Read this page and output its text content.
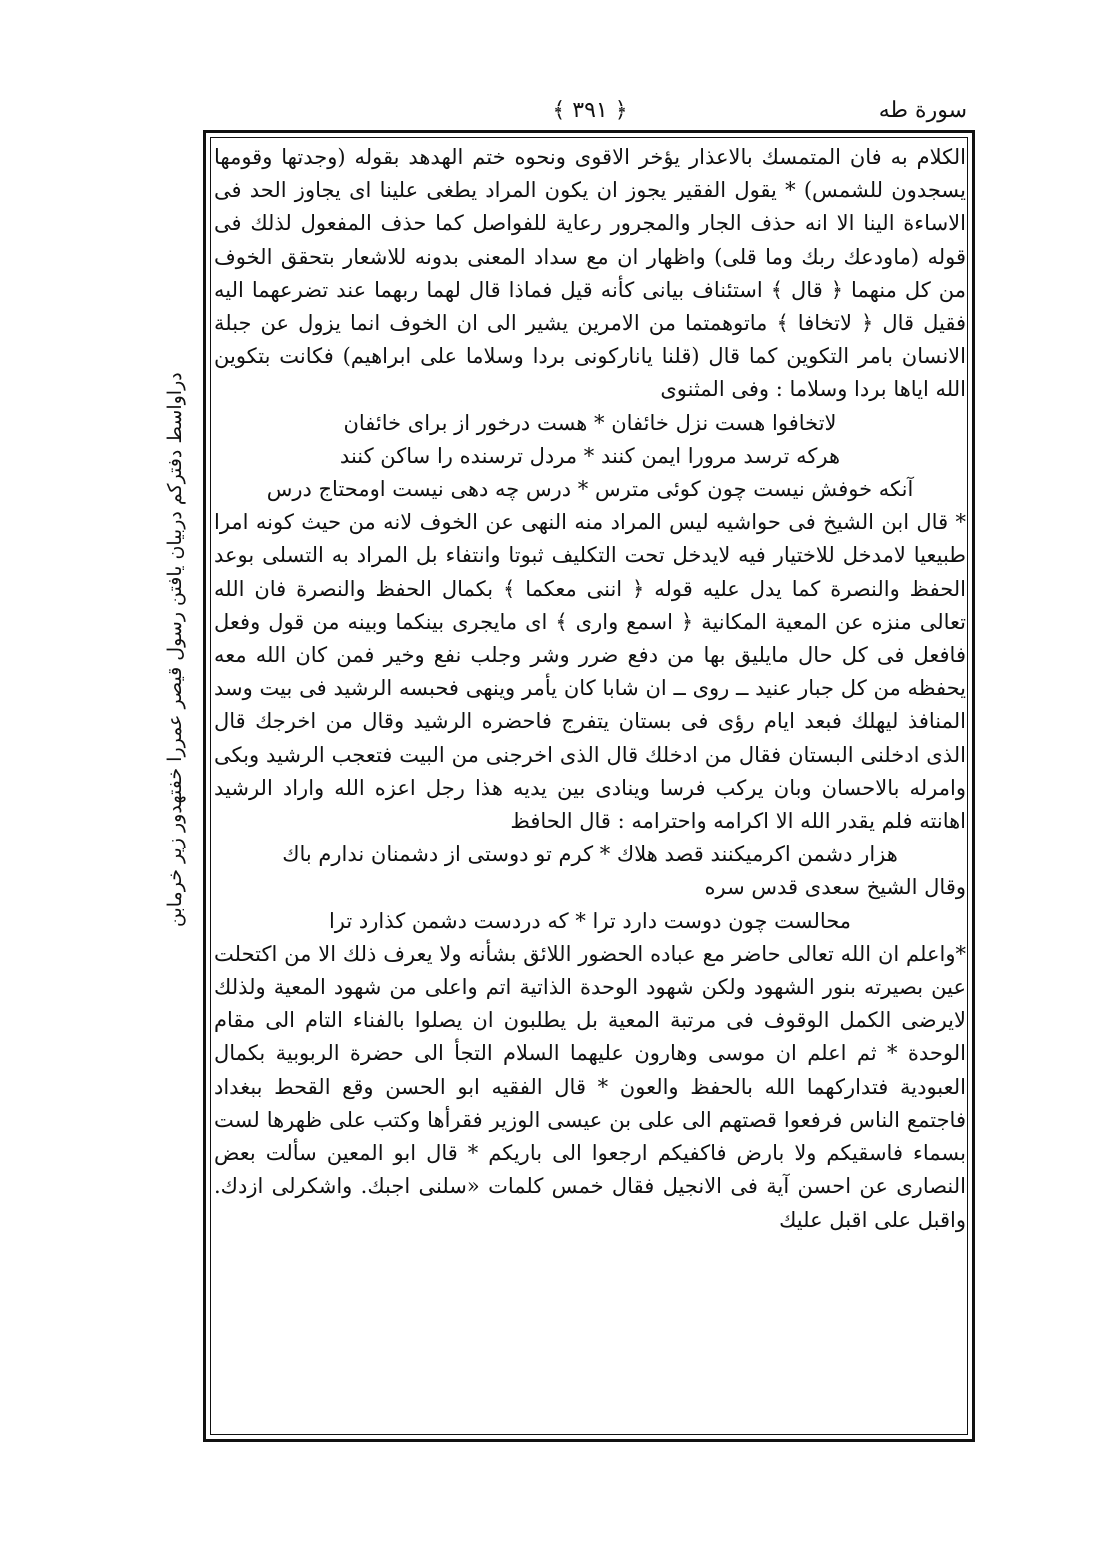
سورة طه
﴾ ٣٩١ ﴿
دراواسط دفترکم دربیان یافتن رسول قیصر عمررا خفتهدور زیر خرمابن

الكلام به فان المتمسك بالاعذار يؤخر الاقوى ونحوه ختم الهدهد بقوله (وجدتها وقومها يسجدون للشمس) * يقول الفقير يجوز ان يكون المراد يطغى علينا اى يجاوز الحد فى الاساءة الينا الا انه حذف الجار والمجرور رعاية للفواصل كما حذف المفعول لذلك فى قوله (ماودعك ربك وما قلى) واظهار ان مع سداد المعنى بدونه للاشعار بتحقق الخوف من كل منهما ﴿ قال ﴾ استئناف بيانى كأنه قيل فماذا قال لهما ربهما عند تضرعهما اليه فقيل قال ﴿ لاتخافا ﴾ ماتوهمتما من الامرين يشير الى ان الخوف انما يزول عن جبلة الانسان بامر التكوين كما قال (قلنا ياناركونى بردا وسلاما على ابراهيم) فكانت بتكوين الله اياها بردا وسلاما : وفى المثنوى

لاتخافوا هست نزل خائفان * هست درخور از براى خائفان

هركه ترسد مرورا ايمن كنند * مردل ترسنده را ساكن كنند

آنكه خوفش نيست چون كوئى مترس * درس چه دهى نيست اومحتاج درس

* قال ابن الشيخ فى حواشيه ليس المراد منه النهى عن الخوف لانه من حيث كونه امرا طبيعيا لامدخل للاختيار فيه لايدخل تحت التكليف ثبوتا وانتفاء بل المراد به التسلى بوعد الحفظ والنصرة كما يدل عليه قوله ﴿ اننى معكما ﴾ بكمال الحفظ والنصرة فان الله تعالى منزه عن المعية المكانية ﴿ اسمع وارى ﴾ اى مايجرى بينكما وبينه من قول وفعل فافعل فى كل حال مايليق بها من دفع ضرر وشر وجلب نفع وخير فمن كان الله معه يحفظه من كل جبار عنيد ــ روى ــ ان شابا كان يأمر وينهى فحبسه الرشيد فى بيت وسد المنافذ ليهلك فبعد ايام رؤى فى بستان يتفرج فاحضره الرشيد وقال من اخرجك قال الذى ادخلنى البستان فقال من ادخلك قال الذى اخرجنى من البيت فتعجب الرشيد وبكى وامرله بالاحسان وبان يركب فرسا وينادى بين يديه هذا رجل اعزه الله واراد الرشيد اهانته فلم يقدر الله الا اكرامه واحترامه : قال الحافظ

هزار دشمن اكرميكنند قصد هلاك * كرم تو دوستى از دشمنان ندارم باك

وقال الشيخ سعدى قدس سره

محالست چون دوست دارد ترا * كه دردست دشمن كذارد ترا

*واعلم ان الله تعالى حاضر مع عباده الحضور اللائق بشأنه ولا يعرف ذلك الا من اكتحلت عين بصيرته بنور الشهود ولكن شهود الوحدة الذاتية اتم واعلى من شهود المعية ولذلك لايرضى الكمل الوقوف فى مرتبة المعية بل يطلبون ان يصلوا بالفناء التام الى مقام الوحدة * ثم اعلم ان موسى وهارون عليهما السلام التجأ الى حضرة الربوبية بكمال العبودية فتداركهما الله بالحفظ والعون * قال الفقيه ابو الحسن وقع القحط ببغداد فاجتمع الناس فرفعوا قصتهم الى على بن عيسى الوزير فقرأها وكتب على ظهرها لست بسماء فاسقيكم ولا بارض فاكفيكم ارجعوا الى باريكم * قال ابو المعين سألت بعض النصارى عن احسن آية فى الانجيل فقال خمس كلمات «سلنى اجبك. واشكرلى ازدك. واقبل على اقبل عليك
